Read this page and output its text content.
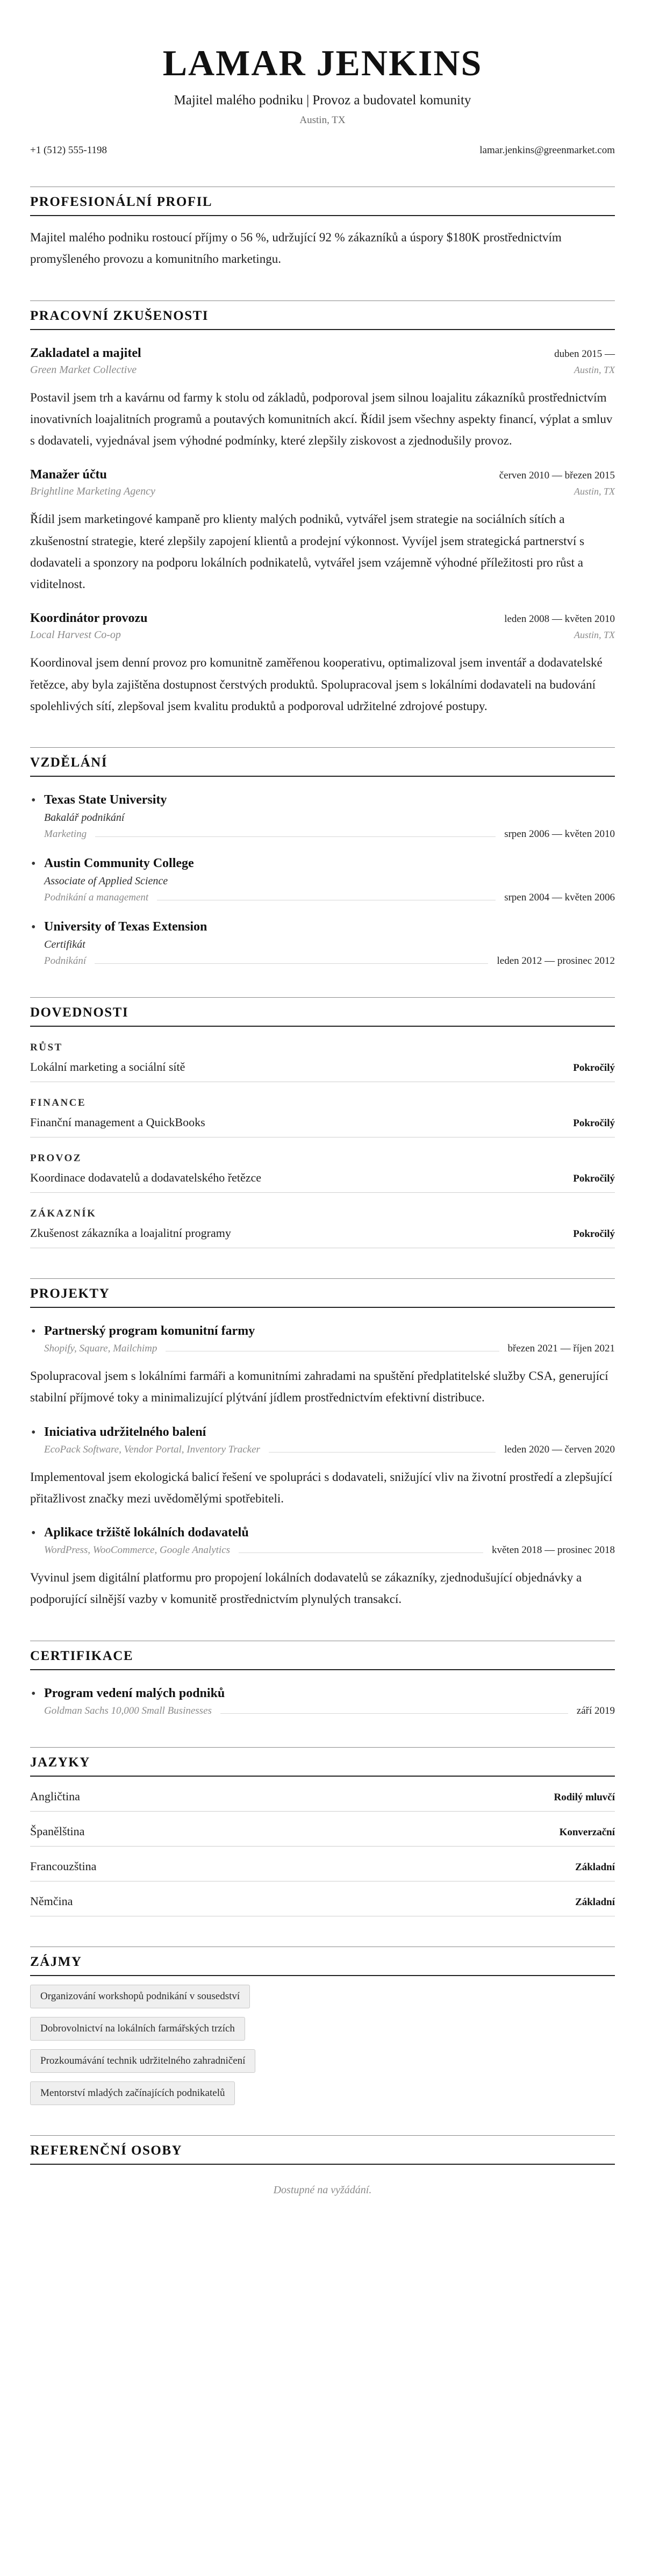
LAMAR JENKINS
Majitel malého podniku | Provoz a budovatel komunity
Austin, TX
+1 (512) 555-1198	lamar.jenkins@greenmarket.com
PROFESIONÁLNÍ PROFIL

Majitel malého podniku rostoucí příjmy o 56 %, udržující 92 % zákazníků a úspory $180K prostřednictvím promyšleného provozu a komunitního marketingu.

PRACOVNÍ ZKUŠENOSTI
Zakladatel a majitel	duben 2015 —
Green Market Collective	Austin, TX

Postavil jsem trh a kavárnu od farmy k stolu od základů, podporoval jsem silnou loajalitu zákazníků prostřednictvím inovativních loajalitních programů a poutavých komunitních akcí. Řídil jsem všechny aspekty financí, výplat a smluv s dodavateli, vyjednával jsem výhodné podmínky, které zlepšily ziskovost a zjednodušily provoz.

Manažer účtu	červen 2010 — březen 2015
Brightline Marketing Agency	Austin, TX

Řídil jsem marketingové kampaně pro klienty malých podniků, vytvářel jsem strategie na sociálních sítích a zkušenostní strategie, které zlepšily zapojení klientů a prodejní výkonnost. Vyvíjel jsem strategická partnerství s dodavateli a sponzory na podporu lokálních podnikatelů, vytvářel jsem vzájemně výhodné příležitosti pro růst a viditelnost.

Koordinátor provozu	leden 2008 — květen 2010
Local Harvest Co-op	Austin, TX

Koordinoval jsem denní provoz pro komunitně zaměřenou kooperativu, optimalizoval jsem inventář a dodavatelské řetězce, aby byla zajištěna dostupnost čerstvých produktů. Spolupracoval jsem s lokálními dodavateli na budování spolehlivých sítí, zlepšoval jsem kvalitu produktů a podporoval udržitelné zdrojové postupy.

VZDĚLÁNÍ
• Texas State University
Bakalář podnikání
Marketing	srpen 2006 — květen 2010
• Austin Community College
Associate of Applied Science
Podnikání a management	srpen 2004 — květen 2006
• University of Texas Extension
Certifikát
Podnikání	leden 2012 — prosinec 2012
DOVEDNOSTI
RŮST
Lokální marketing a sociální sítě	Pokročilý
FINANCE
Finanční management a QuickBooks	Pokročilý
PROVOZ
Koordinace dodavatelů a dodavatelského řetězce	Pokročilý
ZÁKAZNÍK
Zkušenost zákazníka a loajalitní programy	Pokročilý
PROJEKTY
• Partnerský program komunitní farmy
Shopify, Square, Mailchimp	březen 2021 — říjen 2021

Spolupracoval jsem s lokálními farmáři a komunitními zahradami na spuštění předplatitelské služby CSA, generující stabilní příjmové toky a minimalizující plýtvání jídlem prostřednictvím efektivní distribuce.

• Iniciativa udržitelného balení
EcoPack Software, Vendor Portal, Inventory Tracker	leden 2020 — červen 2020

Implementoval jsem ekologická balicí řešení ve spolupráci s dodavateli, snižující vliv na životní prostředí a zlepšující přitažlivost značky mezi uvědomělými spotřebiteli.

• Aplikace tržiště lokálních dodavatelů
WordPress, WooCommerce, Google Analytics	květen 2018 — prosinec 2018

Vyvinul jsem digitální platformu pro propojení lokálních dodavatelů se zákazníky, zjednodušující objednávky a podporující silnější vazby v komunitě prostřednictvím plynulých transakcí.

CERTIFIKACE
• Program vedení malých podniků
Goldman Sachs 10,000 Small Businesses	září 2019
JAZYKY
Angličtina	Rodilý mluvčí
Španělština	Konverzační
Francouzština	Základní
Němčina	Základní
ZÁJMY
Organizování workshopů podnikání v sousedství
Dobrovolnictví na lokálních farmářských trzích
Prozkoumávání technik udržitelného zahradničení
Mentorství mladých začínajících podnikatelů
REFERENČNÍ OSOBY
Dostupné na vyžádání.
